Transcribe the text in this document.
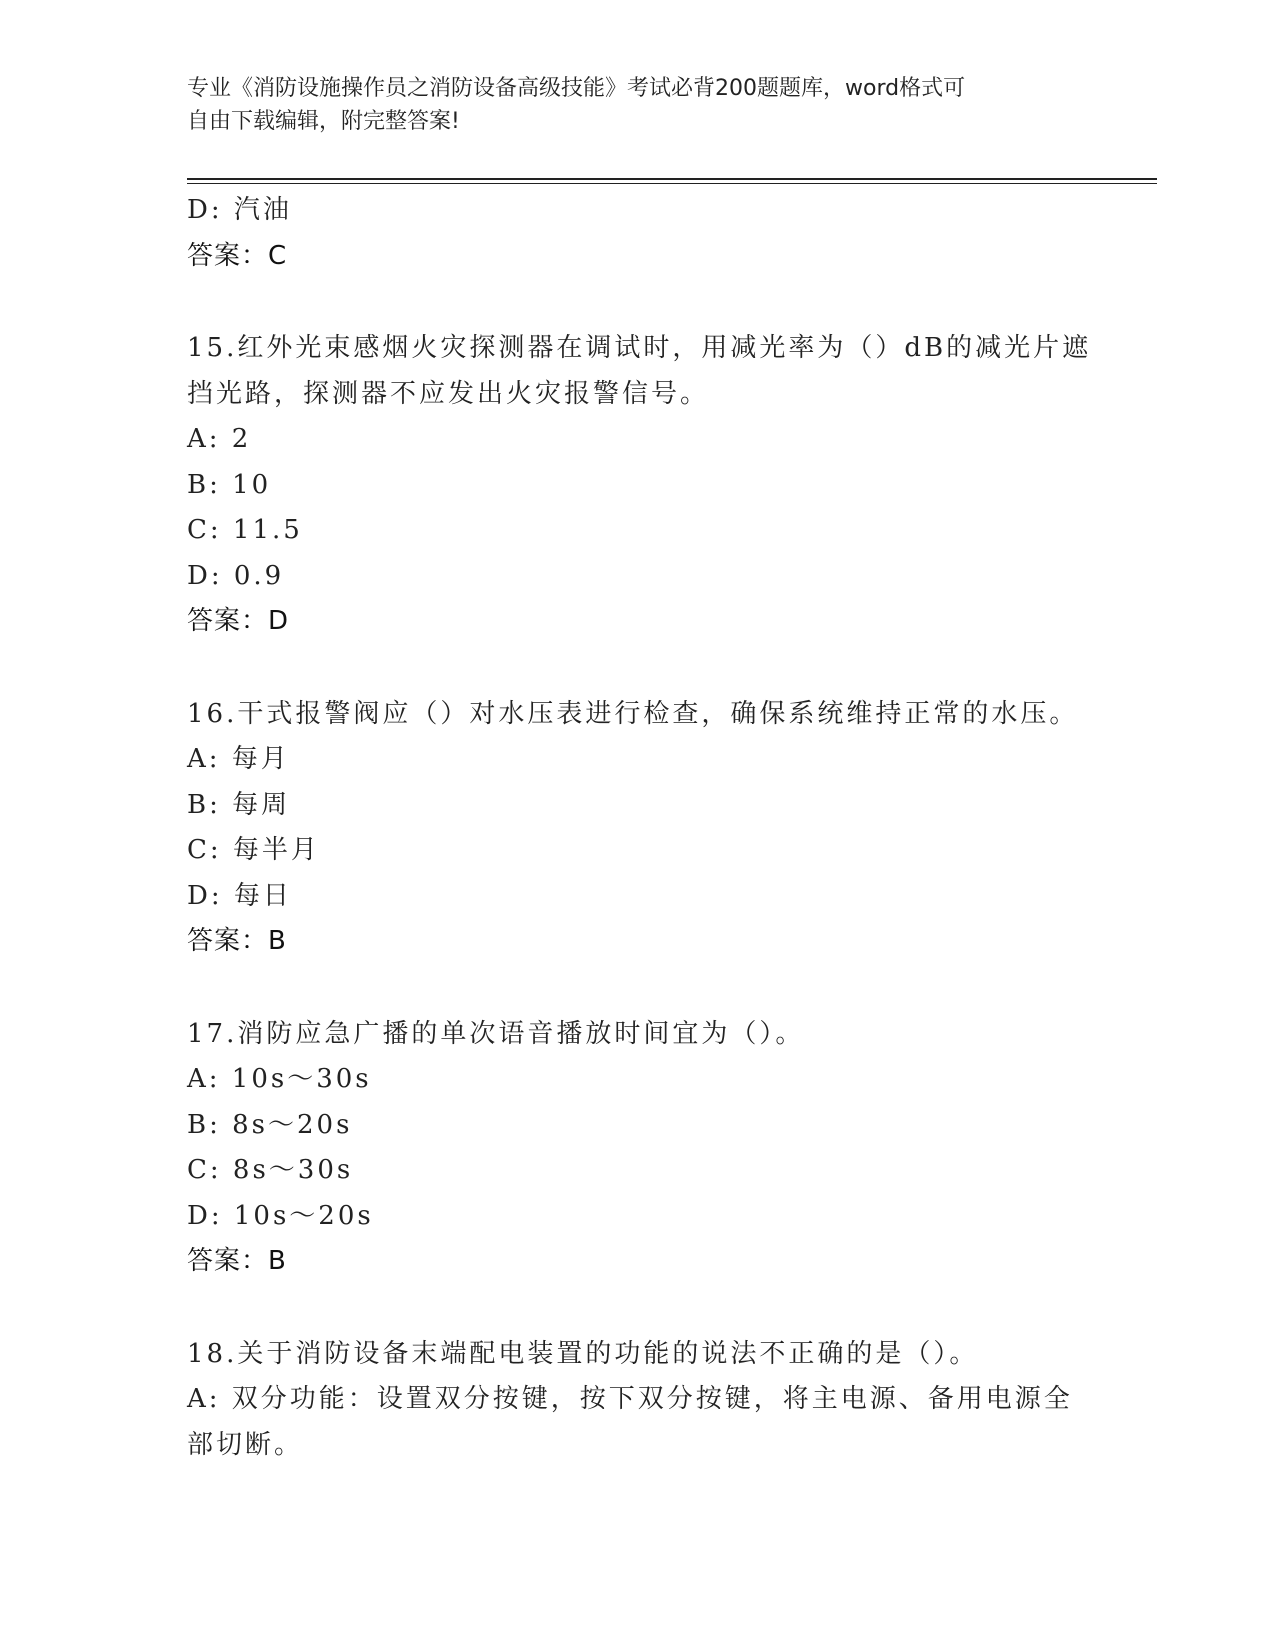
专业《消防设施操作员之消防设备高级技能》考试必背200题题库，word格式可
自由下载编辑，附完整答案!
D: 汽油
答案：C
15.红外光束感烟火灾探测器在调试时，用减光率为（）dB的减光片遮
挡光路，探测器不应发出火灾报警信号。
A: 2
B: 10
C: 11.5
D: 0.9
答案：D
16.干式报警阀应（）对水压表进行检查，确保系统维持正常的水压。
A: 每月
B: 每周
C: 每半月
D: 每日
答案：B
17.消防应急广播的单次语音播放时间宜为（）。
A: 10s～30s
B: 8s～20s
C: 8s～30s
D: 10s～20s
答案：B
18.关于消防设备末端配电装置的功能的说法不正确的是（）。
A: 双分功能：设置双分按键，按下双分按键，将主电源、备用电源全
部切断。
